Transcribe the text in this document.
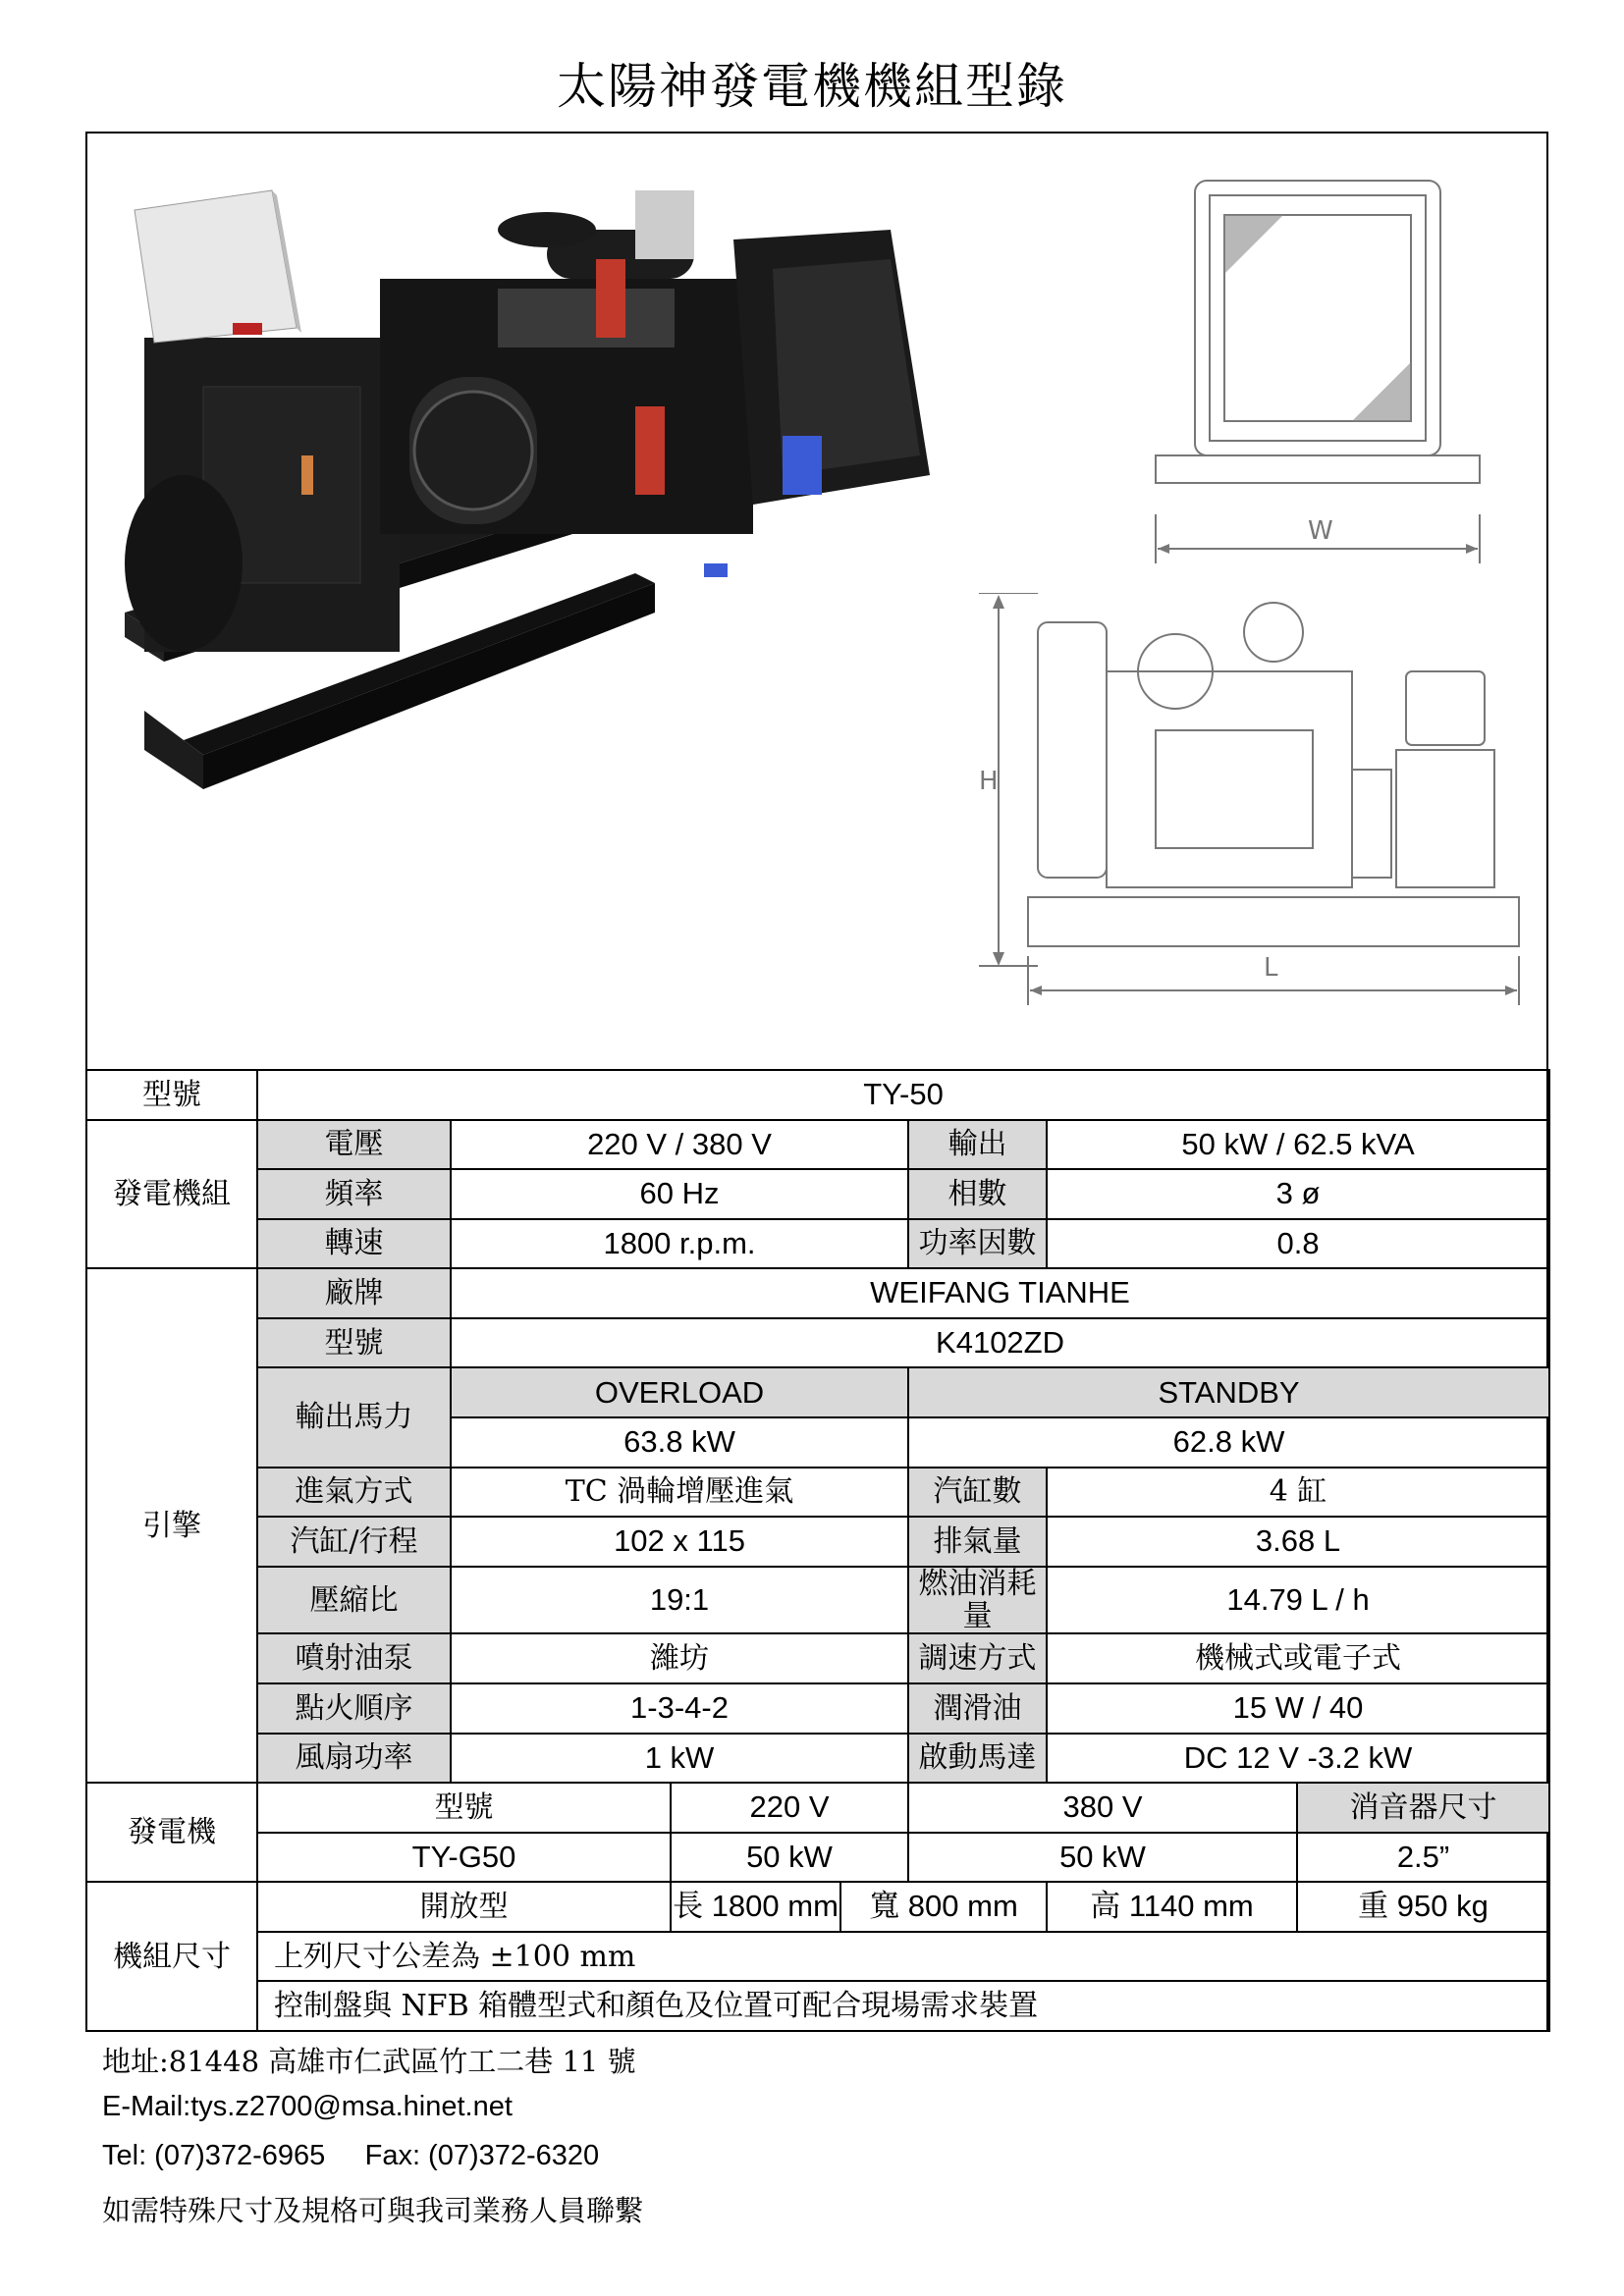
太陽神發電機機組型錄
W
H
L
型號	TY-50						
發電機組	電壓	220 V / 380 V			輸出	50 kW / 62.5 kVA	
	頻率	60 Hz			相數	3 ø	
	轉速	1800 r.p.m.			功率因數	0.8	
引擎	廠牌	WEIFANG TIANHE					
	型號	K4102ZD					
	輸出馬力	OVERLOAD			STANDBY		
		63.8 kW			62.8 kW		
	進氣方式	TC 渦輪增壓進氣			汽缸數	4 缸	
	汽缸/行程	102 x 115			排氣量	3.68 L	
	壓縮比	19:1			燃油消耗量	14.79 L / h	
	噴射油泵	濰坊			調速方式	機械式或電子式	
	點火順序	1-3-4-2			潤滑油	15 W / 40	
	風扇功率	1 kW			啟動馬達	DC 12 V -3.2 kW	
發電機	型號		220 V		380 V		消音器尺寸
	TY-G50		50 kW		50 kW		2.5”
機組尺寸	開放型		長 1800 mm	寬 800 mm		高 1140 mm	重 950 kg
	上列尺寸公差為 ±100 mm						
	控制盤與 NFB 箱體型式和顏色及位置可配合現場需求裝置						
地址:81448 高雄市仁武區竹工二巷 11 號
E-Mail:tys.z2700@msa.hinet.net
Tel: (07)372-6965     Fax: (07)372-6320
如需特殊尺寸及規格可與我司業務人員聯繫
